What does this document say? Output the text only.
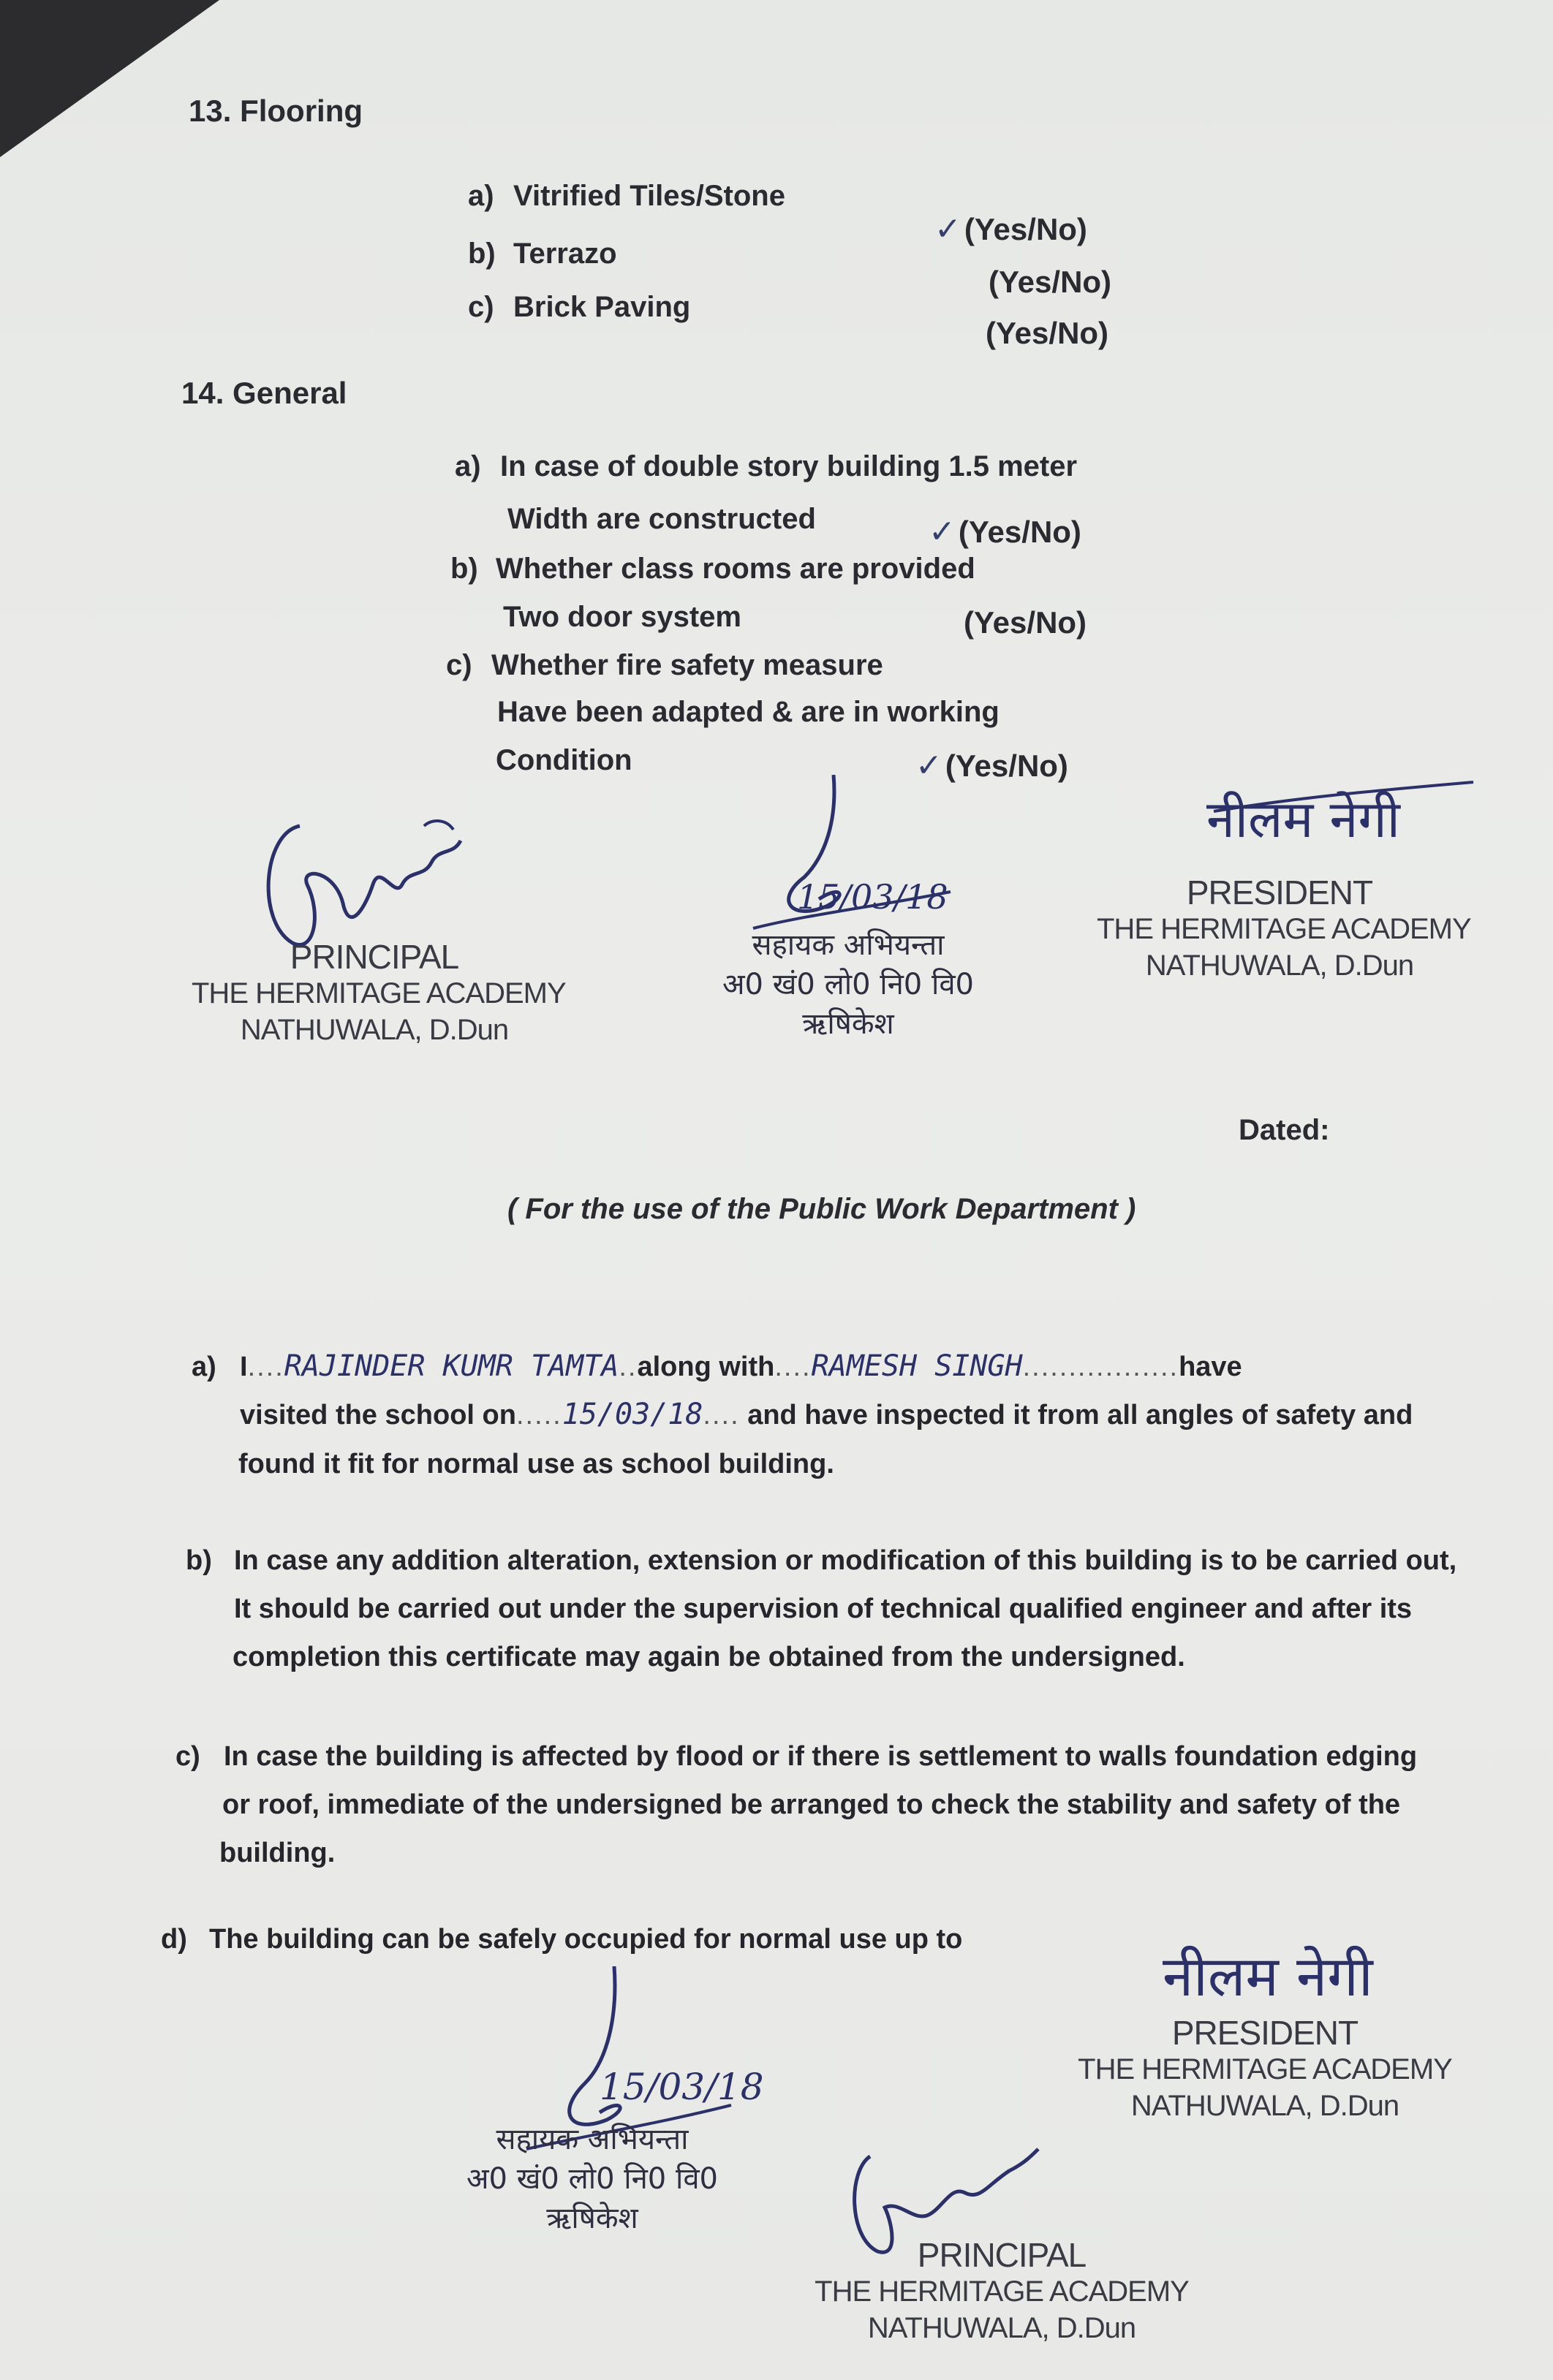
13. Flooring
a) Vitrified Tiles/Stone
✓(Yes/No)
b) Terrazo
(Yes/No)
c) Brick Paving
(Yes/No)
14. General
a) In case of double story building 1.5 meter
Width are constructed	✓(Yes/No)
b) Whether class rooms are provided
Two door system	(Yes/No)
c) Whether fire safety measure
Have been adapted & are in working
Condition	✓(Yes/No)
PRINCIPAL
THE HERMITAGE ACADEMY
NATHUWALA, D.Dun
15/03/18
सहायक अभियन्ता
अ0 खं0 लो0 नि0 वि0
ऋषिकेश
नीलम नेगी
PRESIDENT
THE HERMITAGE ACADEMY
NATHUWALA, D.Dun
Dated:
( For the use of the Public Work Department )
a) I....RAJINDER KUMR TAMTA..along with....RAMESH SINGH.................have
visited the school on.....15/03/18.... and have inspected it from all angles of safety and
found it fit for normal use as school building.
b) In case any addition alteration, extension or modification of this building is to be carried out,
It should be carried out under the supervision of technical qualified engineer and after its
completion this certificate may again be obtained from the undersigned.
c) In case the building is affected by flood or if there is settlement to walls foundation edging
or roof, immediate of the undersigned be arranged to check the stability and safety of the
building.
d) The building can be safely occupied for normal use up to
15/03/18
सहायक अभियन्ता
अ0 खं0 लो0 नि0 वि0
ऋषिकेश
नीलम नेगी
PRESIDENT
THE HERMITAGE ACADEMY
NATHUWALA, D.Dun
PRINCIPAL
THE HERMITAGE ACADEMY
NATHUWALA, D.Dun
